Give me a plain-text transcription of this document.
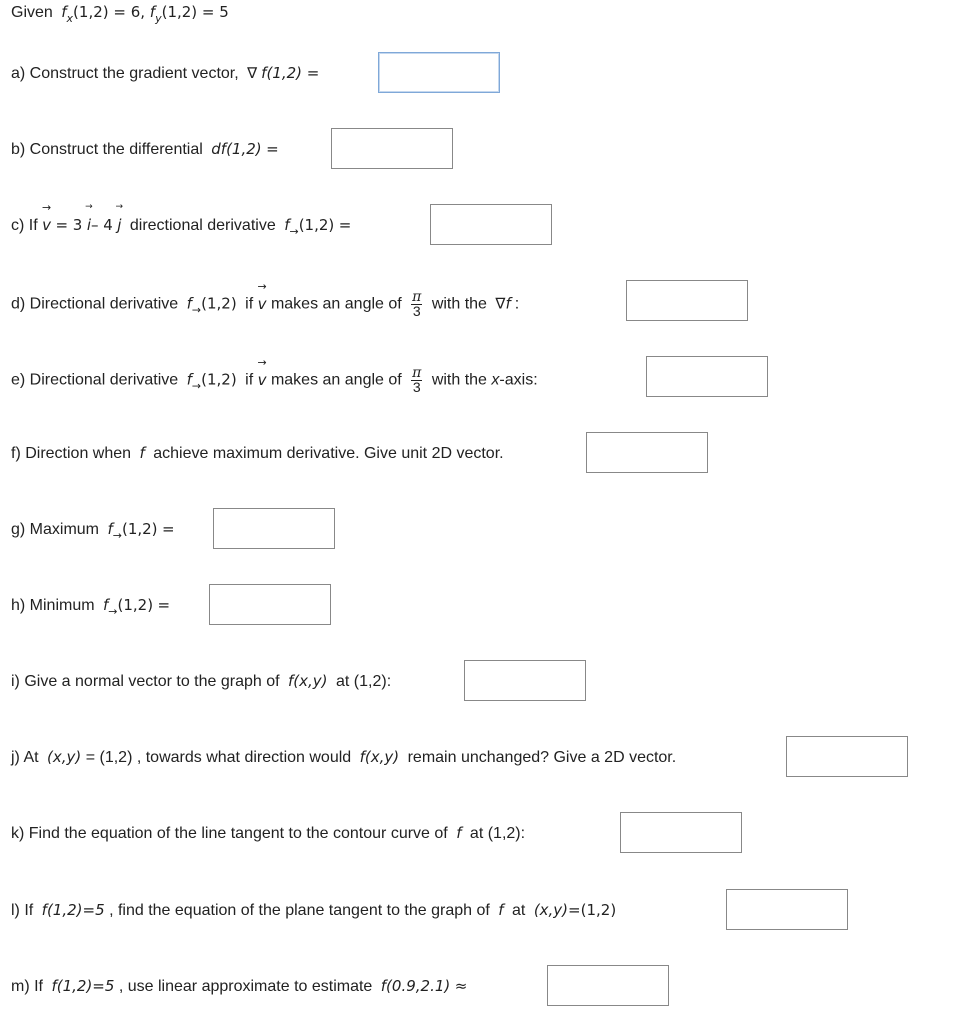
Given $f_x(1,2) = 6$, $f_y(1,2) = 5$
a) Construct the gradient vector, ∇ f(1,2) =
b) Construct the differential df(1,2) =
c) If
→
v = 3
→
i– 4
→
j directional derivative $f_\to(1,2)$ =
d) Directional derivative $f_\to(1,2)$ if
→
v makes an angle of $\frac{\pi}{3}$ with the ∇f :
e) Directional derivative $f_\to(1,2)$ if
→
v makes an angle of $\frac{\pi}{3}$ with the x-axis:
f) Direction when f achieve maximum derivative. Give unit 2D vector.
g) Maximum $f_\to(1,2)$ =
h) Minimum $f_\to(1,2)$ =
i) Give a normal vector to the graph of f(x,y) at (1,2):
j) At (x,y) = (1,2) , towards what direction would f(x,y) remain unchanged? Give a 2D vector.
k) Find the equation of the line tangent to the contour curve of f at (1,2):
l) If f(1,2)=5 , find the equation of the plane tangent to the graph of f at (x,y)=(1,2)
m) If f(1,2)=5 , use linear approximate to estimate f(0.9,2.1) ≈
